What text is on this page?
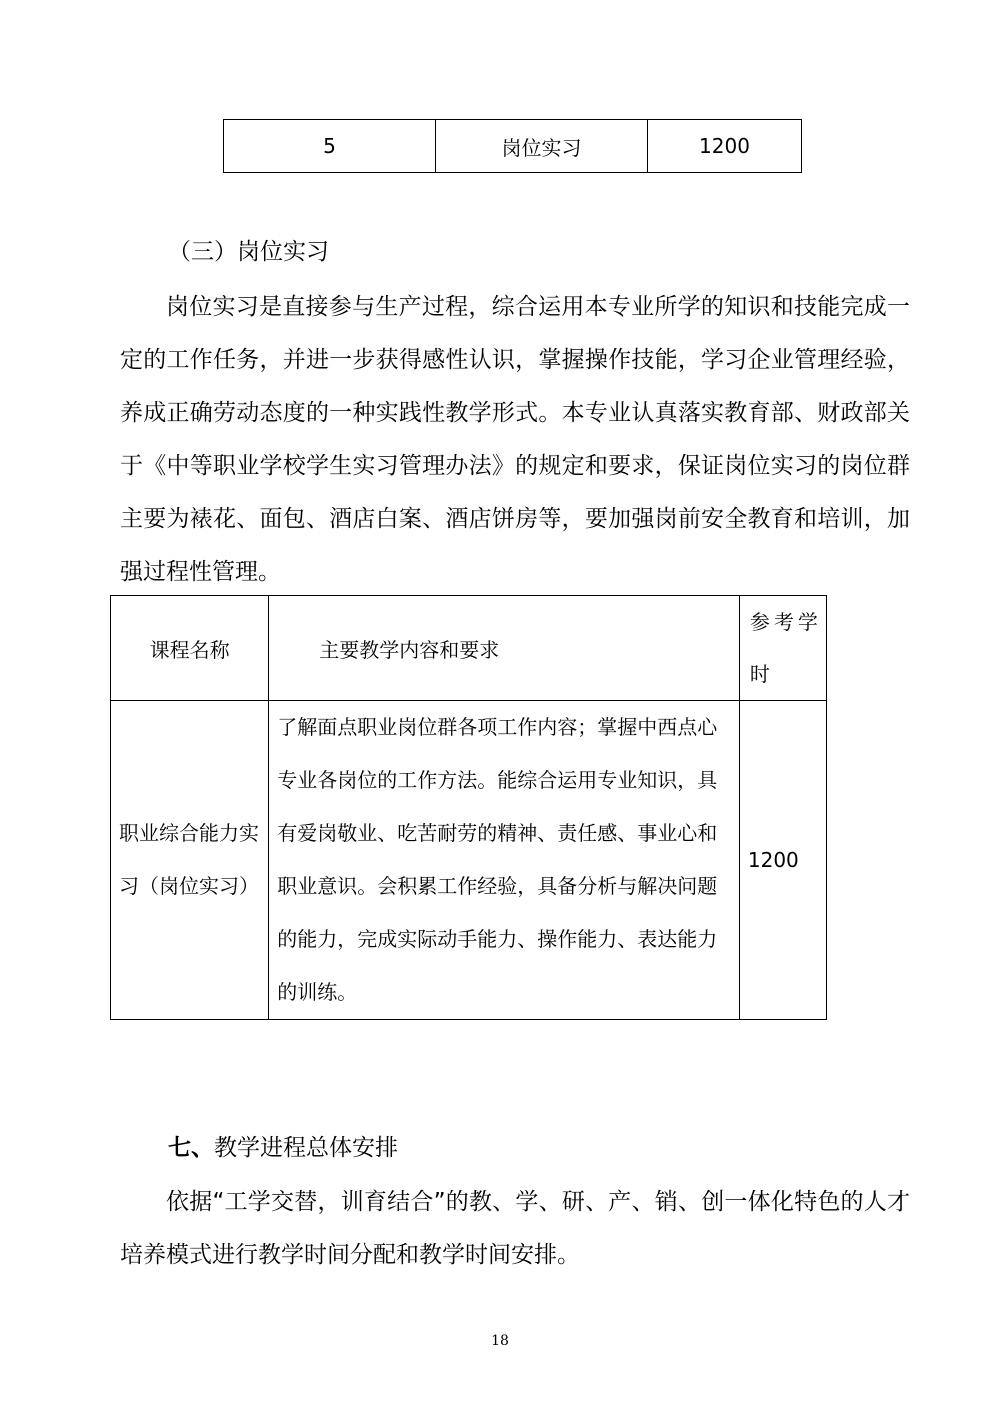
5	岗位实习	1200
（三）岗位实习
岗位实习是直接参与生产过程，综合运用本专业所学的知识和技能完成一定的工作任务，并进一步获得感性认识，掌握操作技能，学习企业管理经验，养成正确劳动态度的一种实践性教学形式。本专业认真落实教育部、财政部关于《中等职业学校学生实习管理办法》的规定和要求，保证岗位实习的岗位群主要为裱花、面包、酒店白案、酒店饼房等，要加强岗前安全教育和培训，加强过程性管理。
课程名称	主要教学内容和要求	参考学时
职业综合能力实习（岗位实习）	了解面点职业岗位群各项工作内容；掌握中西点心专业各岗位的工作方法。能综合运用专业知识，具有爱岗敬业、吃苦耐劳的精神、责任感、事业心和职业意识。会积累工作经验，具备分析与解决问题的能力，完成实际动手能力、操作能力、表达能力的训练。	1200
七、教学进程总体安排
依据“工学交替，训育结合”的教、学、研、产、销、创一体化特色的人才培养模式进行教学时间分配和教学时间安排。
18
